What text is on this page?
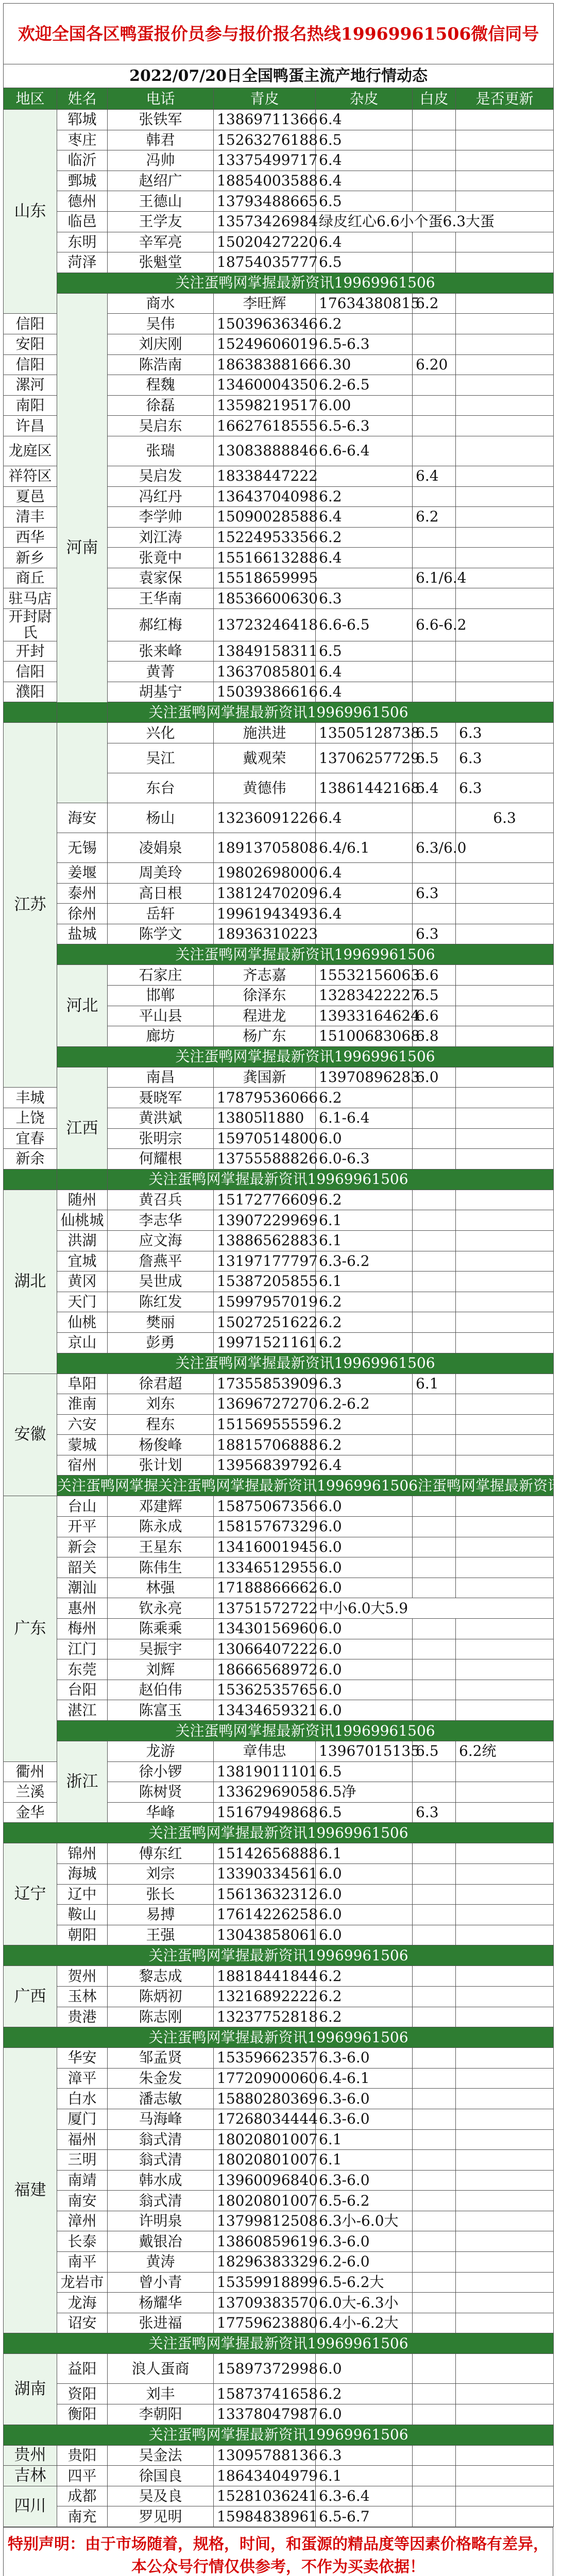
欢迎全国各区鸭蛋报价员参与报价报名热线19969961506微信同号							
2022/07/20日全国鸭蛋主流产地行情动态							
地区	姓名	电话	青皮	杂皮	白皮	是否更新	
山东	郓城	张铁军	13869711366	6.4			
	枣庄	韩君	15263276188	6.5			
	临沂	冯帅	13375499717	6.4			
	鄄城	赵绍广	18854003588	6.4			
	德州	王德山	13793488665	6.5			
	临邑	王学友	13573426984	绿皮红心6.6小个蛋6.3大蛋	
	东明	辛军亮	15020427220	6.4			
	菏泽	张魁堂	18754035777	6.5			
	关注蛋鸭网掌握最新资讯19969961506						
	河南	商水	李旺辉	17634380815	6.2			
信阳		吴伟	15039636346	6.2			
安阳		刘庆刚	15249606019	6.5-6.3			
信阳		陈浩南	18638388166	6.30	6.20		
漯河		程魏	13460004350	6.2-6.5			
南阳		徐磊	13598219517	6.00			
许昌		吴启东	16627618555	6.5-6.3			
龙庭区		张瑞	13083888846	6.6-6.4			
祥符区		吴启发	18338447222		6.4		
夏邑		冯红丹	13643704098	6.2			
清丰		李学帅	15090028588	6.4	6.2		
西华		刘江涛	15224953356	6.2			
新乡		张竟中	15516613288	6.4			
商丘		袁家保	15518659995		6.1/6.4		
驻马店		王华南	18536600630	6.3			
开封尉氏		郝红梅	13723246418	6.6-6.5	6.6-6.2		
开封		张来峰	13849158311	6.5			
信阳		黄菁	13637085801	6.4			
濮阳		胡基宁	15039386616	6.4			
关注蛋鸭网掌握最新资讯19969961506							
江苏		兴化	施洪进	13505128738	6.5	6.3		
		吴江	戴观荣	13706257729	6.5	6.3		
		东台	黄德伟	13861442168	6.4	6.3		
	海安	杨山	13236091226	6.4		6.3	
	无锡	凌娟泉	18913705808	6.4/6.1	6.3/6.0		
	姜堰	周美玲	19802698000	6.4			
	泰州	高日根	13812470209	6.4	6.3		
	徐州	岳轩	19961943493	6.4			
	盐城	陈学文	18936310223		6.3		
	关注蛋鸭网掌握最新资讯19969961506						
	河北	石家庄	齐志嘉	15532156063	6.6			
		邯郸	徐泽东	13283422227	6.5			
		平山县	程进龙	13933164624	6.6			
		廊坊	杨广东	15100683068	6.8			
	关注蛋鸭网掌握最新资讯19969961506						
	江西	南昌	龚国新	13970896283	6.0			
丰城		聂晓军	17879536066	6.2			
上饶		黄洪斌	13805l1880	6.1-6.4			
宜春		张明宗	15970514800	6.0			
新余		何耀根	13755588826	6.0-6.3			
关注蛋鸭网掌握最新资讯19969961506							
湖北	随州	黄召兵	15172776609	6.2			
	仙桃城	李志华	13907229969	6.1			
	洪湖	应文海	13886562883	6.1			
	宜城	詹燕平	13197177797	6.3-6.2			
	黄冈	吴世成	15387205855	6.1			
	天门	陈红发	15997957019	6.2			
	仙桃	樊丽	15027251622	6.2			
	京山	彭勇	19971521161	6.2			
	关注蛋鸭网掌握最新资讯19969961506						
安徽	阜阳	徐君超	17355853909	6.3	6.1		
	淮南	刘东	13696727270	6.2-6.2			
	六安	程东	15156955559	6.2			
	蒙城	杨俊峰	18815706888	6.2			
	宿州	张计划	13956839792	6.4			
	关注蛋鸭网掌握关注蛋鸭网掌握最新资讯19969961506注蛋鸭网掌握最新资讯						
广东	台山	邓建辉	15875067356	6.0			
	开平	陈永成	15815767329	6.0			
	新会	王星东	13416001945	6.0			
	韶关	陈伟生	13346512955	6.0			
	潮汕	林强	17188866662	6.0			
	惠州	钦永亮	13751572722	中小6.0大5.9	
	梅州	陈乘乘	13430156960	6.0			
	江门	吴振宇	13066407222	6.0			
	东莞	刘辉	18666568972	6.0			
	台阳	赵伯伟	15362535765	6.0			
	湛江	陈富玉	13434659321	6.0			
	关注蛋鸭网掌握最新资讯19969961506						
	浙江	龙游	章伟忠	13967015135	6.5	6.2统		
衢州		徐小锣	13819011101	6.5			
兰溪		陈树贤	13362969058	6.5净			
金华		华峰	15167949868	6.5	6.3		
关注蛋鸭网掌握最新资讯19969961506							
辽宁	锦州	傅东红	15142656888	6.1			
	海城	刘宗	13390334561	6.0			
	辽中	张长	15613632312	6.0			
	鞍山	易搏	17614226258	6.0			
	朝阳	王强	13043858061	6.0			
关注蛋鸭网掌握最新资讯19969961506							
广西	贺州	黎志成	18818441844	6.2			
	玉林	陈炳初	13216892222	6.2			
	贵港	陈志刚	13237752818	6.2			
关注蛋鸭网掌握最新资讯19969961506							
福建	华安	邹孟贤	15359662357	6.3-6.0			
	漳平	朱金发	17720900060	6.4-6.1			
	白水	潘志敏	15880280369	6.3-6.0			
	厦门	马海峰	17268034444	6.3-6.0			
	福州	翁式清	18020801007	6.1			
	三明	翁式清	18020801007	6.1			
	南靖	韩水成	13960096840	6.3-6.0			
	南安	翁式清	18020801007	6.5-6.2			
	漳州	许明泉	13799812508	6.3小-6.0大			
	长泰	戴银冶	13860859619	6.3-6.0			
	南平	黄涛	18296383329	6.2-6.0			
	龙岩市	曾小青	15359918899	6.5-6.2大			
	龙海	杨耀华	13709383570	6.0大-6.3小			
	诏安	张进福	17759623880	6.4小-6.2大			
关注蛋鸭网掌握最新资讯19969961506							
湖南	益阳	浪人蛋商	15897372998	6.0			
	资阳	刘丰	15873741658	6.2			
	衡阳	李朝阳	13378047987	6.0			
关注蛋鸭网掌握最新资讯19969961506							
贵州	贵阳	吴金法	13095788136	6.3			
吉林	四平	徐国良	18643404979	6.1			
四川	成都	吴及良	15281036241	6.3-6.4			
	南充	罗见明	15984838961	6.5-6.7			
特别声明：由于市场随着，规格，时间，和蛋源的精品度等因素价格略有差异，本公众号行情仅供参考，不作为买卖依据！
